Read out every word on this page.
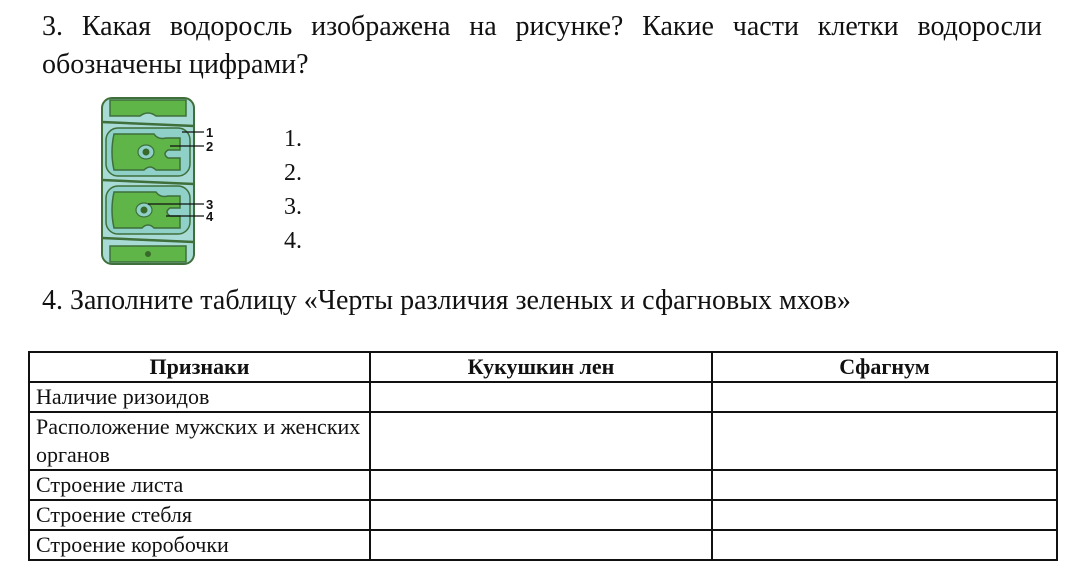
3. Какая водоросль изображена на рисунке? Какие части клетки водоросли обозначены цифрами?
1
2
3
4
1.
2.
3.
4.
4. Заполните таблицу «Черты различия зеленых и сфагновых мхов»
Признаки	Кукушкин лен	Сфагнум
Наличие ризоидов		
Расположение мужских и женских органов		
Строение листа		
Строение стебля		
Строение коробочки		
